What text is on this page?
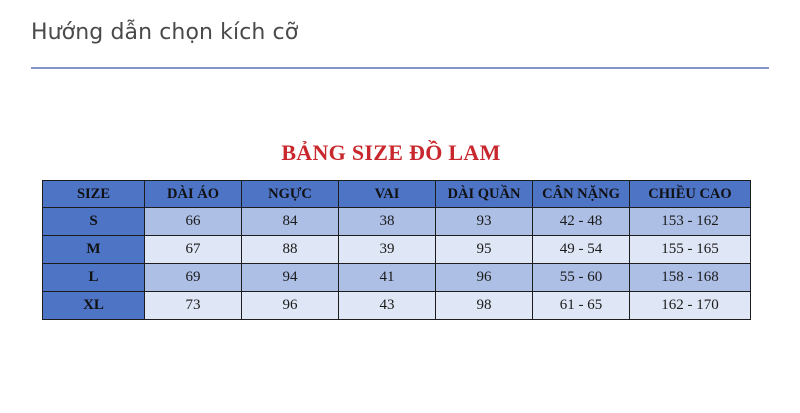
Hướng dẫn chọn kích cỡ
BẢNG SIZE ĐỒ LAM
SIZE	DÀI ÁO	NGỰC	VAI	DÀI QUẦN	CÂN NẶNG	CHIỀU CAO
S	66	84	38	93	42 - 48	153 - 162
M	67	88	39	95	49 - 54	155 - 165
L	69	94	41	96	55 - 60	158 - 168
XL	73	96	43	98	61 - 65	162 - 170
